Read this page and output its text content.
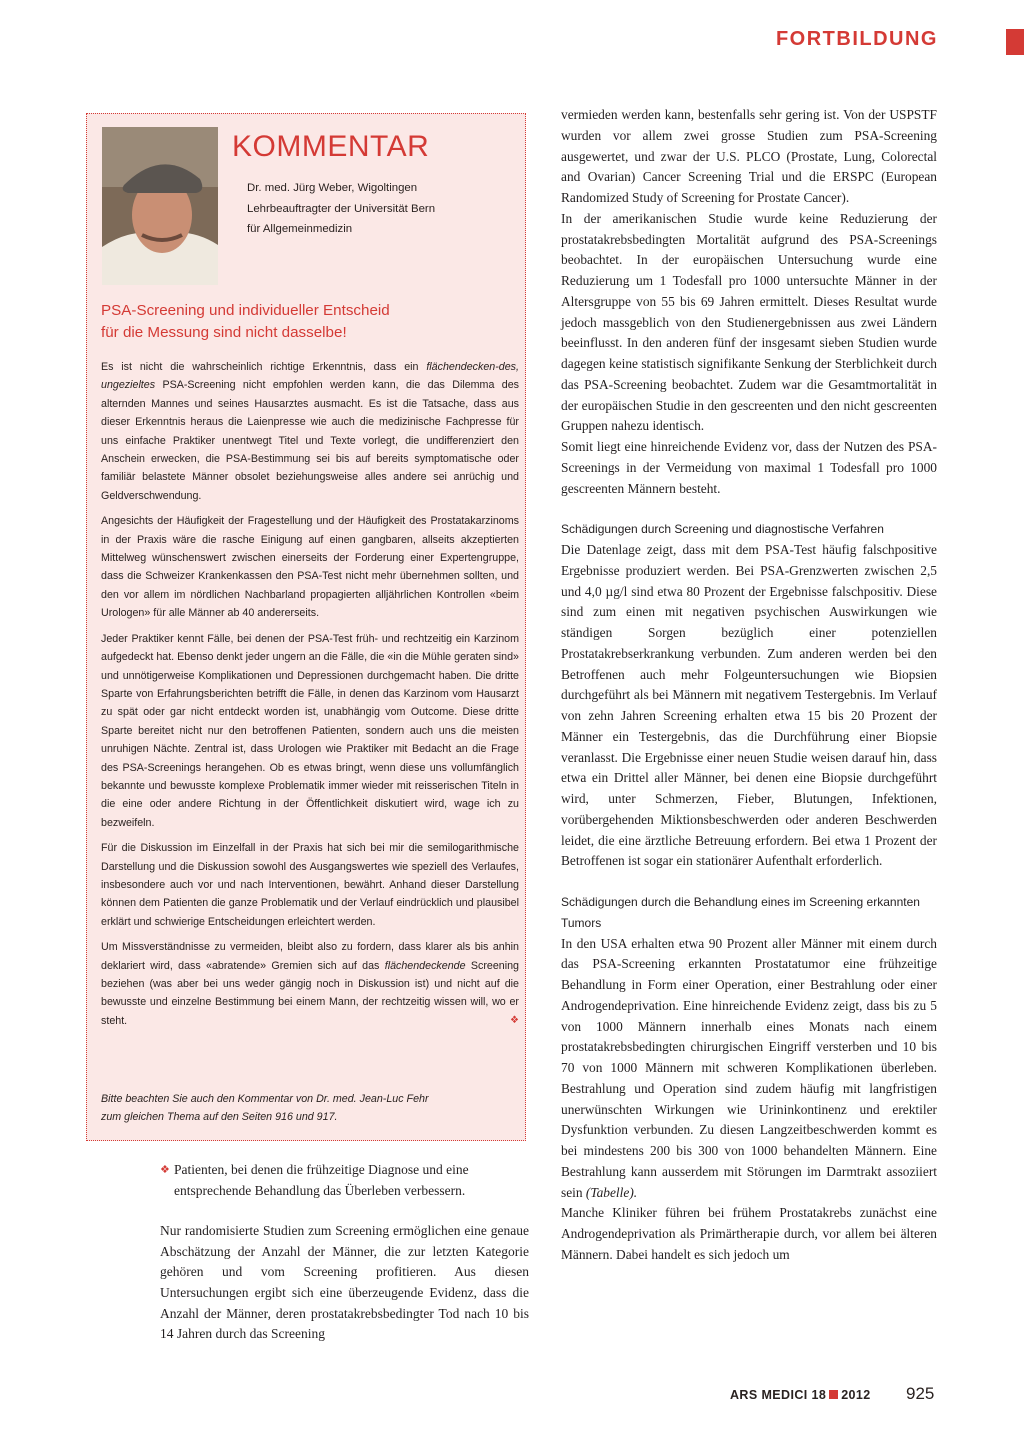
FORTBILDUNG
KOMMENTAR
Dr. med. Jürg Weber, Wigoltingen
Lehrbeauftragter der Universität Bern
für Allgemeinmedizin
PSA-Screening und individueller Entscheid
für die Messung sind nicht dasselbe!

Es ist nicht die wahrscheinlich richtige Erkenntnis, dass ein flächendecken-des, ungezieltes PSA-Screening nicht empfohlen werden kann, die das Dilemma des alternden Mannes und seines Hausarztes ausmacht. Es ist die Tatsache, dass aus dieser Erkenntnis heraus die Laienpresse wie auch die medizinische Fachpresse für uns einfache Praktiker unentwegt Titel und Texte vorlegt, die undifferenziert den Anschein erwecken, die PSA-Bestimmung sei bis auf bereits symptomatische oder familiär belastete Männer obsolet beziehungsweise alles andere sei anrüchig und Geldverschwendung.

Angesichts der Häufigkeit der Fragestellung und der Häufigkeit des Prostatakarzinoms in der Praxis wäre die rasche Einigung auf einen gangbaren, allseits akzeptierten Mittelweg wünschenswert zwischen einerseits der Forderung einer Expertengruppe, dass die Schweizer Krankenkassen den PSA-Test nicht mehr übernehmen sollten, und den vor allem im nördlichen Nachbarland propagierten alljährlichen Kontrollen «beim Urologen» für alle Männer ab 40 andererseits.

Jeder Praktiker kennt Fälle, bei denen der PSA-Test früh- und rechtzeitig ein Karzinom aufgedeckt hat. Ebenso denkt jeder ungern an die Fälle, die «in die Mühle geraten sind» und unnötigerweise Komplikationen und Depressionen durchgemacht haben. Die dritte Sparte von Erfahrungsberichten betrifft die Fälle, in denen das Karzinom vom Hausarzt zu spät oder gar nicht entdeckt worden ist, unabhängig vom Outcome. Diese dritte Sparte bereitet nicht nur den betroffenen Patienten, sondern auch uns die meisten unruhigen Nächte. Zentral ist, dass Urologen wie Praktiker mit Bedacht an die Frage des PSA-Screenings herangehen. Ob es etwas bringt, wenn diese uns vollumfänglich bekannte und bewusste komplexe Problematik immer wieder mit reisserischen Titeln in die eine oder andere Richtung in der Öffentlichkeit diskutiert wird, wage ich zu bezweifeln.

Für die Diskussion im Einzelfall in der Praxis hat sich bei mir die semilogarithmische Darstellung und die Diskussion sowohl des Ausgangswertes wie speziell des Verlaufes, insbesondere auch vor und nach Interventionen, bewährt. Anhand dieser Darstellung können dem Patienten die ganze Problematik und der Verlauf eindrücklich und plausibel erklärt und schwierige Entscheidungen erleichtert werden.

Um Missverständnisse zu vermeiden, bleibt also zu fordern, dass klarer als bis anhin deklariert wird, dass «abratende» Gremien sich auf das flächendeckende Screening beziehen (was aber bei uns weder gängig noch in Diskussion ist) und nicht auf die bewusste und einzelne Bestimmung bei einem Mann, der rechtzeitig wissen will, wo er steht.	❖

Bitte beachten Sie auch den Kommentar von Dr. med. Jean-Luc Fehr
zum gleichen Thema auf den Seiten 916 und 917.
❖ Patienten, bei denen die frühzeitige Diagnose und eine entsprechende Behandlung das Überleben verbessern.

Nur randomisierte Studien zum Screening ermöglichen eine genaue Abschätzung der Anzahl der Männer, die zur letzten Kategorie gehören und vom Screening profitieren. Aus diesen Untersuchungen ergibt sich eine überzeugende Evidenz, dass die Anzahl der Männer, deren prostatakrebsbedingter Tod nach 10 bis 14 Jahren durch das Screening

vermieden werden kann, bestenfalls sehr gering ist. Von der USPSTF wurden vor allem zwei grosse Studien zum PSA-Screening ausgewertet, und zwar der U.S. PLCO (Prostate, Lung, Colorectal and Ovarian) Cancer Screening Trial und die ERSPC (European Randomized Study of Screening for Prostate Cancer).

In der amerikanischen Studie wurde keine Reduzierung der prostatakrebsbedingten Mortalität aufgrund des PSA-Screenings beobachtet. In der europäischen Untersuchung wurde eine Reduzierung um 1 Todesfall pro 1000 untersuchte Männer in der Altersgruppe von 55 bis 69 Jahren ermittelt. Dieses Resultat wurde jedoch massgeblich von den Studienergebnissen aus zwei Ländern beeinflusst. In den anderen fünf der insgesamt sieben Studien wurde dagegen keine statistisch signifikante Senkung der Sterblichkeit durch das PSA-Screening beobachtet. Zudem war die Gesamtmortalität in der europäischen Studie in den gescreenten und den nicht gescreenten Gruppen nahezu identisch.

Somit liegt eine hinreichende Evidenz vor, dass der Nutzen des PSA-Screenings in der Vermeidung von maximal 1 Todesfall pro 1000 gescreenten Männern besteht.

Schädigungen durch Screening und diagnostische Verfahren

Die Datenlage zeigt, dass mit dem PSA-Test häufig falschpositive Ergebnisse produziert werden. Bei PSA-Grenzwerten zwischen 2,5 und 4,0 µg/l sind etwa 80 Prozent der Ergebnisse falschpositiv. Diese sind zum einen mit negativen psychischen Auswirkungen wie ständigen Sorgen bezüglich einer potenziellen Prostatakrebserkrankung verbunden. Zum anderen werden bei den Betroffenen auch mehr Folgeuntersuchungen wie Biopsien durchgeführt als bei Männern mit negativem Testergebnis. Im Verlauf von zehn Jahren Screening erhalten etwa 15 bis 20 Prozent der Männer ein Testergebnis, das die Durchführung einer Biopsie veranlasst. Die Ergebnisse einer neuen Studie weisen darauf hin, dass etwa ein Drittel aller Männer, bei denen eine Biopsie durchgeführt wird, unter Schmerzen, Fieber, Blutungen, Infektionen, vorübergehenden Miktionsbeschwerden oder anderen Beschwerden leidet, die eine ärztliche Betreuung erfordern. Bei etwa 1 Prozent der Betroffenen ist sogar ein stationärer Aufenthalt erforderlich.

Schädigungen durch die Behandlung eines im Screening erkannten Tumors

In den USA erhalten etwa 90 Prozent aller Männer mit einem durch das PSA-Screening erkannten Prostatatumor eine frühzeitige Behandlung in Form einer Operation, einer Bestrahlung oder einer Androgendeprivation. Eine hinreichende Evidenz zeigt, dass bis zu 5 von 1000 Männern innerhalb eines Monats nach einem prostatakrebsbedingten chirurgischen Eingriff versterben und 10 bis 70 von 1000 Männern mit schweren Komplikationen überleben. Bestrahlung und Operation sind zudem häufig mit langfristigen unerwünschten Wirkungen wie Urininkontinenz und erektiler Dysfunktion verbunden. Zu diesen Langzeitbeschwerden kommt es bei mindestens 200 bis 300 von 1000 behandelten Männern. Eine Bestrahlung kann ausserdem mit Störungen im Darmtrakt assoziiert sein (Tabelle).

Manche Kliniker führen bei frühem Prostatakrebs zunächst eine Androgendeprivation als Primärtherapie durch, vor allem bei älteren Männern. Dabei handelt es sich jedoch um

ARS MEDICI 18 2012 925
